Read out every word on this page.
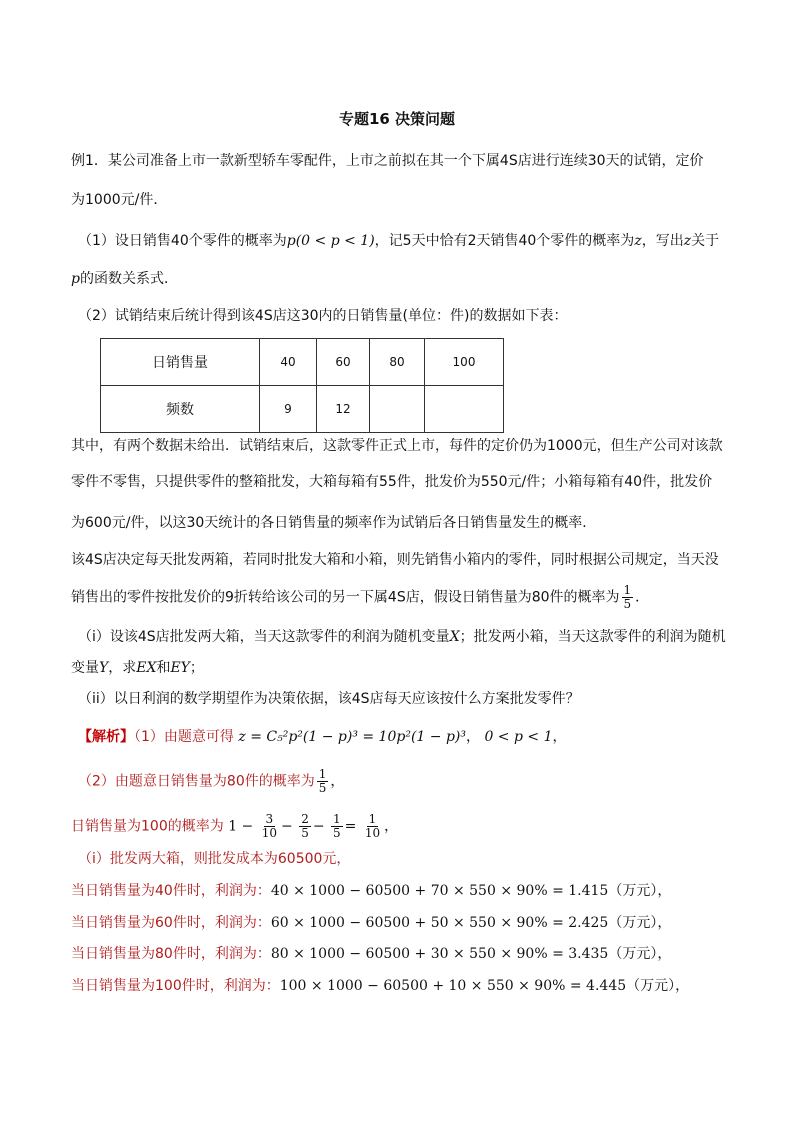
专题16 决策问题
例1．某公司准备上市一款新型轿车零配件，上市之前拟在其一个下属4S店进行连续30天的试销，定价
为1000元/件．
（1）设日销售40个零件的概率为p(0 < p < 1)，记5天中恰有2天销售40个零件的概率为z，写出z关于
p的函数关系式．
（2）试销结束后统计得到该4S店这30内的日销售量(单位：件)的数据如下表：
日销售量	40	60	80	100
频数	9	12		
其中，有两个数据未给出．试销结束后，这款零件正式上市，每件的定价仍为1000元，但生产公司对该款
零件不零售，只提供零件的整箱批发，大箱每箱有55件，批发价为550元/件；小箱每箱有40件，批发价
为600元/件，以这30天统计的各日销售量的频率作为试销后各日销售量发生的概率．
该4S店决定每天批发两箱，若同时批发大箱和小箱，则先销售小箱内的零件，同时根据公司规定，当天没
销售出的零件按批发价的9折转给该公司的另一下属4S店，假设日销售量为80件的概率为 $\frac{1}{5}$ ．
（i）设该4S店批发两大箱，当天这款零件的利润为随机变量X；批发两小箱，当天这款零件的利润为随机
变量Y，求EX和EY；
（ii）以日利润的数学期望作为决策依据，该4S店每天应该按什么方案批发零件？
【解析】（1）由题意可得 z = C₅²p²(1 − p)³ = 10p²(1 − p)³， 0 < p < 1，
（2）由题意日销售量为80件的概率为 $\frac{1}{5}$ ，
日销售量为100的概率为 $1 - \frac{3}{10} - \frac{2}{5} - \frac{1}{5} = \frac{1}{10}$ ，
（i）批发两大箱，则批发成本为60500元，
当日销售量为40件时，利润为：40 × 1000 − 60500 + 70 × 550 × 90% = 1.415（万元），
当日销售量为60件时，利润为：60 × 1000 − 60500 + 50 × 550 × 90% = 2.425（万元），
当日销售量为80件时，利润为：80 × 1000 − 60500 + 30 × 550 × 90% = 3.435（万元），
当日销售量为100件时，利润为：100 × 1000 − 60500 + 10 × 550 × 90% = 4.445（万元），
